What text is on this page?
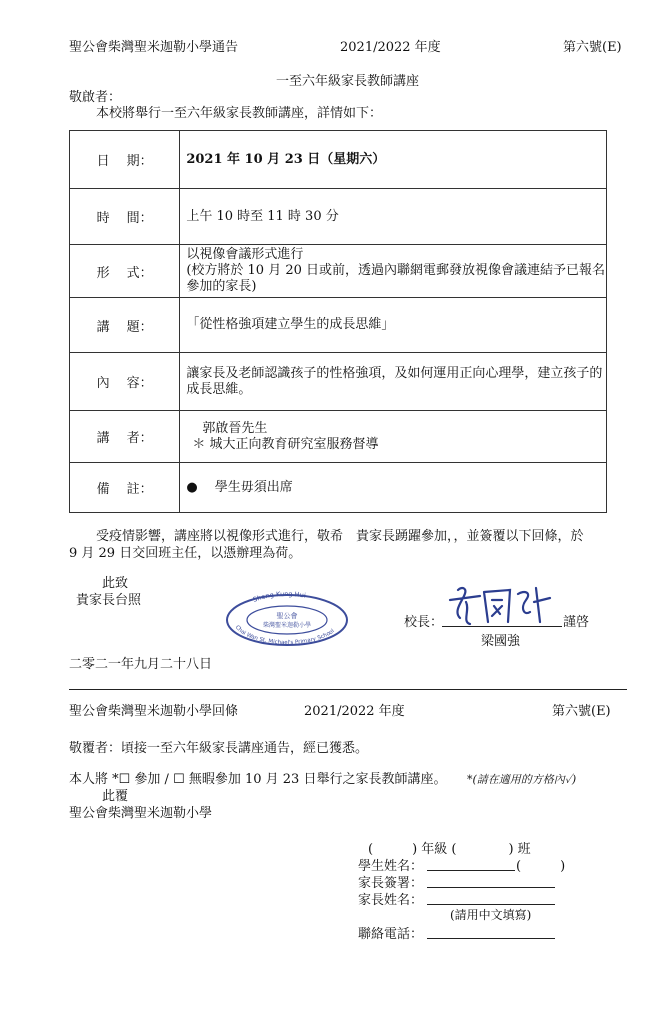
聖公會柴灣聖米迦勒小學通告	2021/2022 年度	第六號(E)
一至六年級家長教師講座
敬啟者：
本校將舉行一至六年級家長教師講座，詳情如下：
日 期：	2021 年 10 月 23 日（星期六）
時 間：	上午 10 時至 11 時 30 分
形 式：	以視像會議形式進行
(校方將於 10 月 20 日或前，透過內聯網電郵發放視像會議連結予已報名
參加的家長)

講 題：	「從性格強項建立學生的成長思維」
內 容：	讓家長及老師認識孩子的性格強項，及如何運用正向心理學，建立孩子的
成長思維。

講 者：	郭啟晉先生
＊ 城大正向教育研究室服務督導

備 註：	●　 學生毋須出席
受疫情影響，講座將以視像形式進行，敬希　貴家長踴躍參加，，並簽覆以下回條，於
9 月 29 日交回班主任，以憑辦理為荷。
此致
貴家長台照	Sheng Kung Hui
Chai Wan St. Michael's Primary School
聖公會
柴灣聖米迦勒小學	校長：	謹啓
梁國強
二零二一年九月二十八日
聖公會柴灣聖米迦勒小學回條	2021/2022 年度	第六號(E)
敬覆者：頃接一至六年級家長講座通告，經已獲悉。
本人將 *☐ 參加 / ☐ 無暇參加 10 月 23 日舉行之家長教師講座。 *(請在適用的方格內✓)
此覆
聖公會柴灣聖米迦勒小學
(　　　) 年級 (　　　　) 班
學生姓名：	(　　　)
家長簽署：
家長姓名：
(請用中文填寫)
聯絡電話：
